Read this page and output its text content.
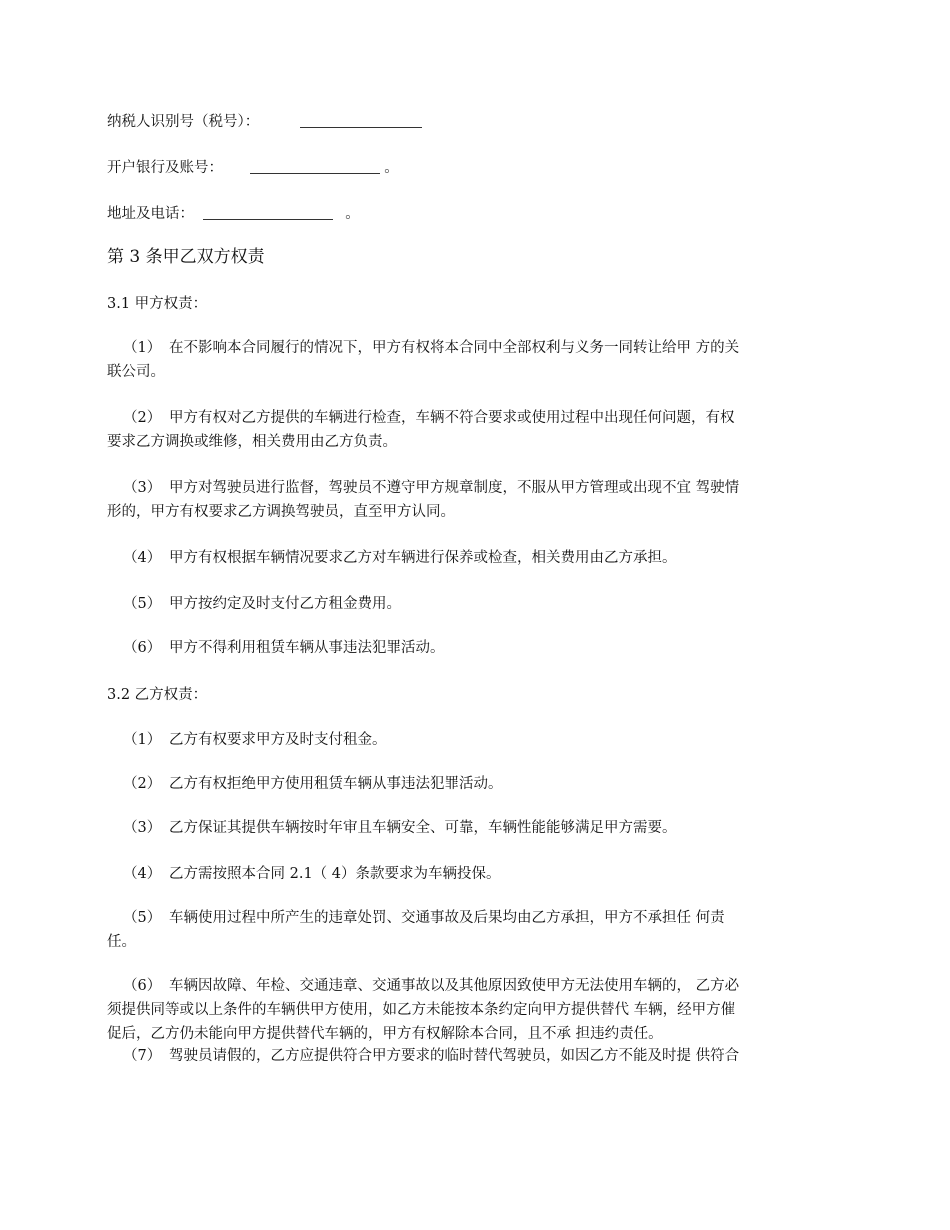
纳税人识别号（税号）：
开户银行及账号：	。
地址及电话：	。
第 3 条甲乙双方权责
3.1 甲方权责：
（1） 在不影响本合同履行的情况下，甲方有权将本合同中全部权利与义务一同转让给甲 方的关
联公司。
（2） 甲方有权对乙方提供的车辆进行检查，车辆不符合要求或使用过程中出现任何问题，有权
要求乙方调换或维修，相关费用由乙方负责。
（3） 甲方对驾驶员进行监督，驾驶员不遵守甲方规章制度，不服从甲方管理或出现不宜 驾驶情
形的，甲方有权要求乙方调换驾驶员，直至甲方认同。
（4） 甲方有权根据车辆情况要求乙方对车辆进行保养或检查，相关费用由乙方承担。
（5） 甲方按约定及时支付乙方租金费用。
（6） 甲方不得利用租赁车辆从事违法犯罪活动。
3.2 乙方权责：
（1） 乙方有权要求甲方及时支付租金。
（2） 乙方有权拒绝甲方使用租赁车辆从事违法犯罪活动。
（3） 乙方保证其提供车辆按时年审且车辆安全、可靠，车辆性能能够满足甲方需要。
（4） 乙方需按照本合同 2.1（ 4）条款要求为车辆投保。
（5） 车辆使用过程中所产生的违章处罚、交通事故及后果均由乙方承担，甲方不承担任 何责
任。
（6） 车辆因故障、年检、交通违章、交通事故以及其他原因致使甲方无法使用车辆的， 乙方必
须提供同等或以上条件的车辆供甲方使用，如乙方未能按本条约定向甲方提供替代 车辆，经甲方催
促后，乙方仍未能向甲方提供替代车辆的，甲方有权解除本合同，且不承 担违约责任。
（7） 驾驶员请假的，乙方应提供符合甲方要求的临时替代驾驶员，如因乙方不能及时提 供符合
